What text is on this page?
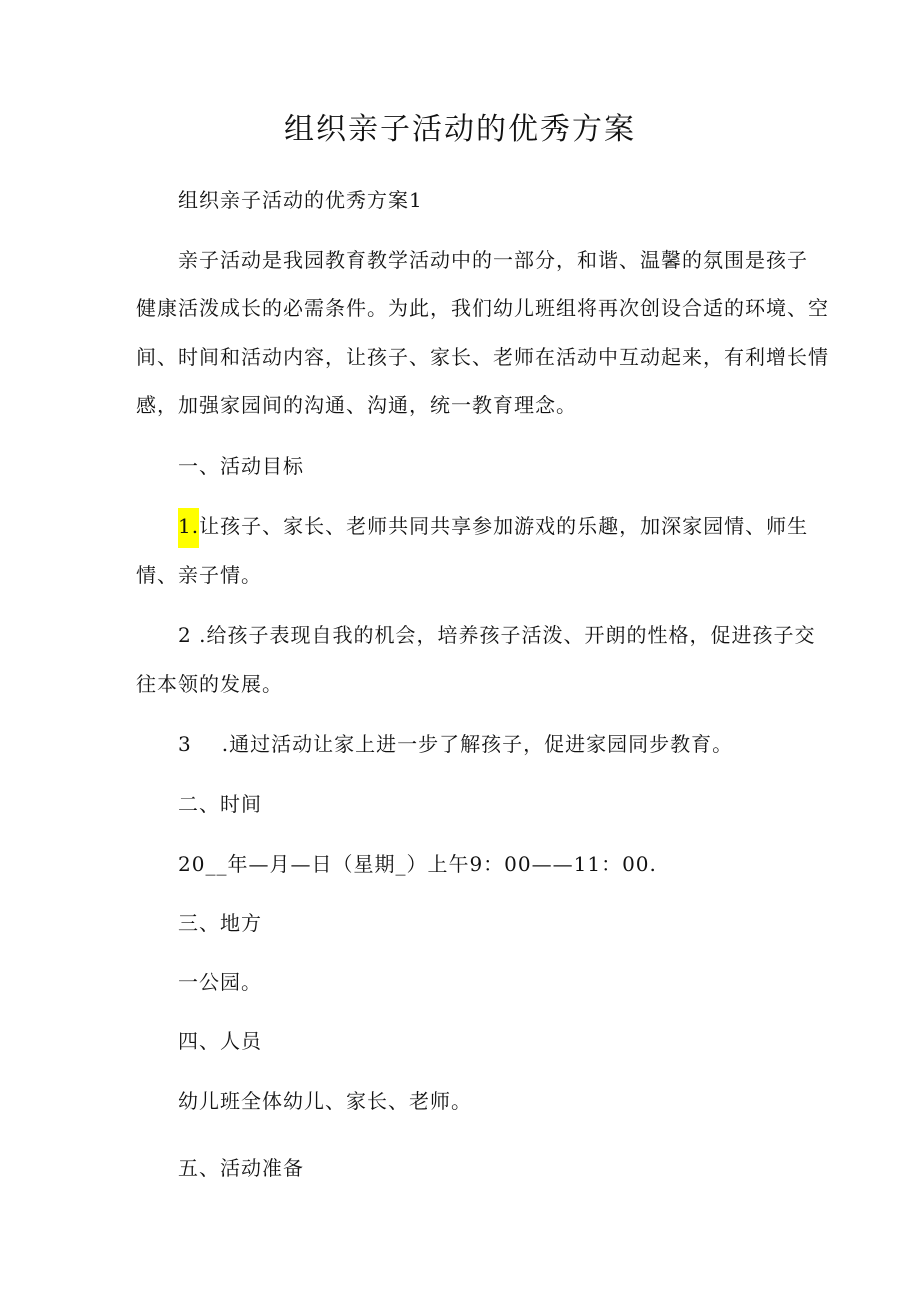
组织亲子活动的优秀方案
组织亲子活动的优秀方案1
亲子活动是我园教育教学活动中的一部分，和谐、温馨的氛围是孩子
健康活泼成长的必需条件。为此，我们幼儿班组将再次创设合适的环境、空
间、时间和活动内容，让孩子、家长、老师在活动中互动起来，有利增长情
感，加强家园间的沟通、沟通，统一教育理念。
一、活动目标
1.让孩子、家长、老师共同共享参加游戏的乐趣，加深家园情、师生
情、亲子情。
2 .给孩子表现自我的机会，培养孩子活泼、开朗的性格，促进孩子交
往本领的发展。
3 .通过活动让家上进一步了解孩子，促进家园同步教育。
二、时间
20__年—月—日（星期_）上午9：00——11：00.
三、地方
一公园。
四、人员
幼儿班全体幼儿、家长、老师。
五、活动准备
